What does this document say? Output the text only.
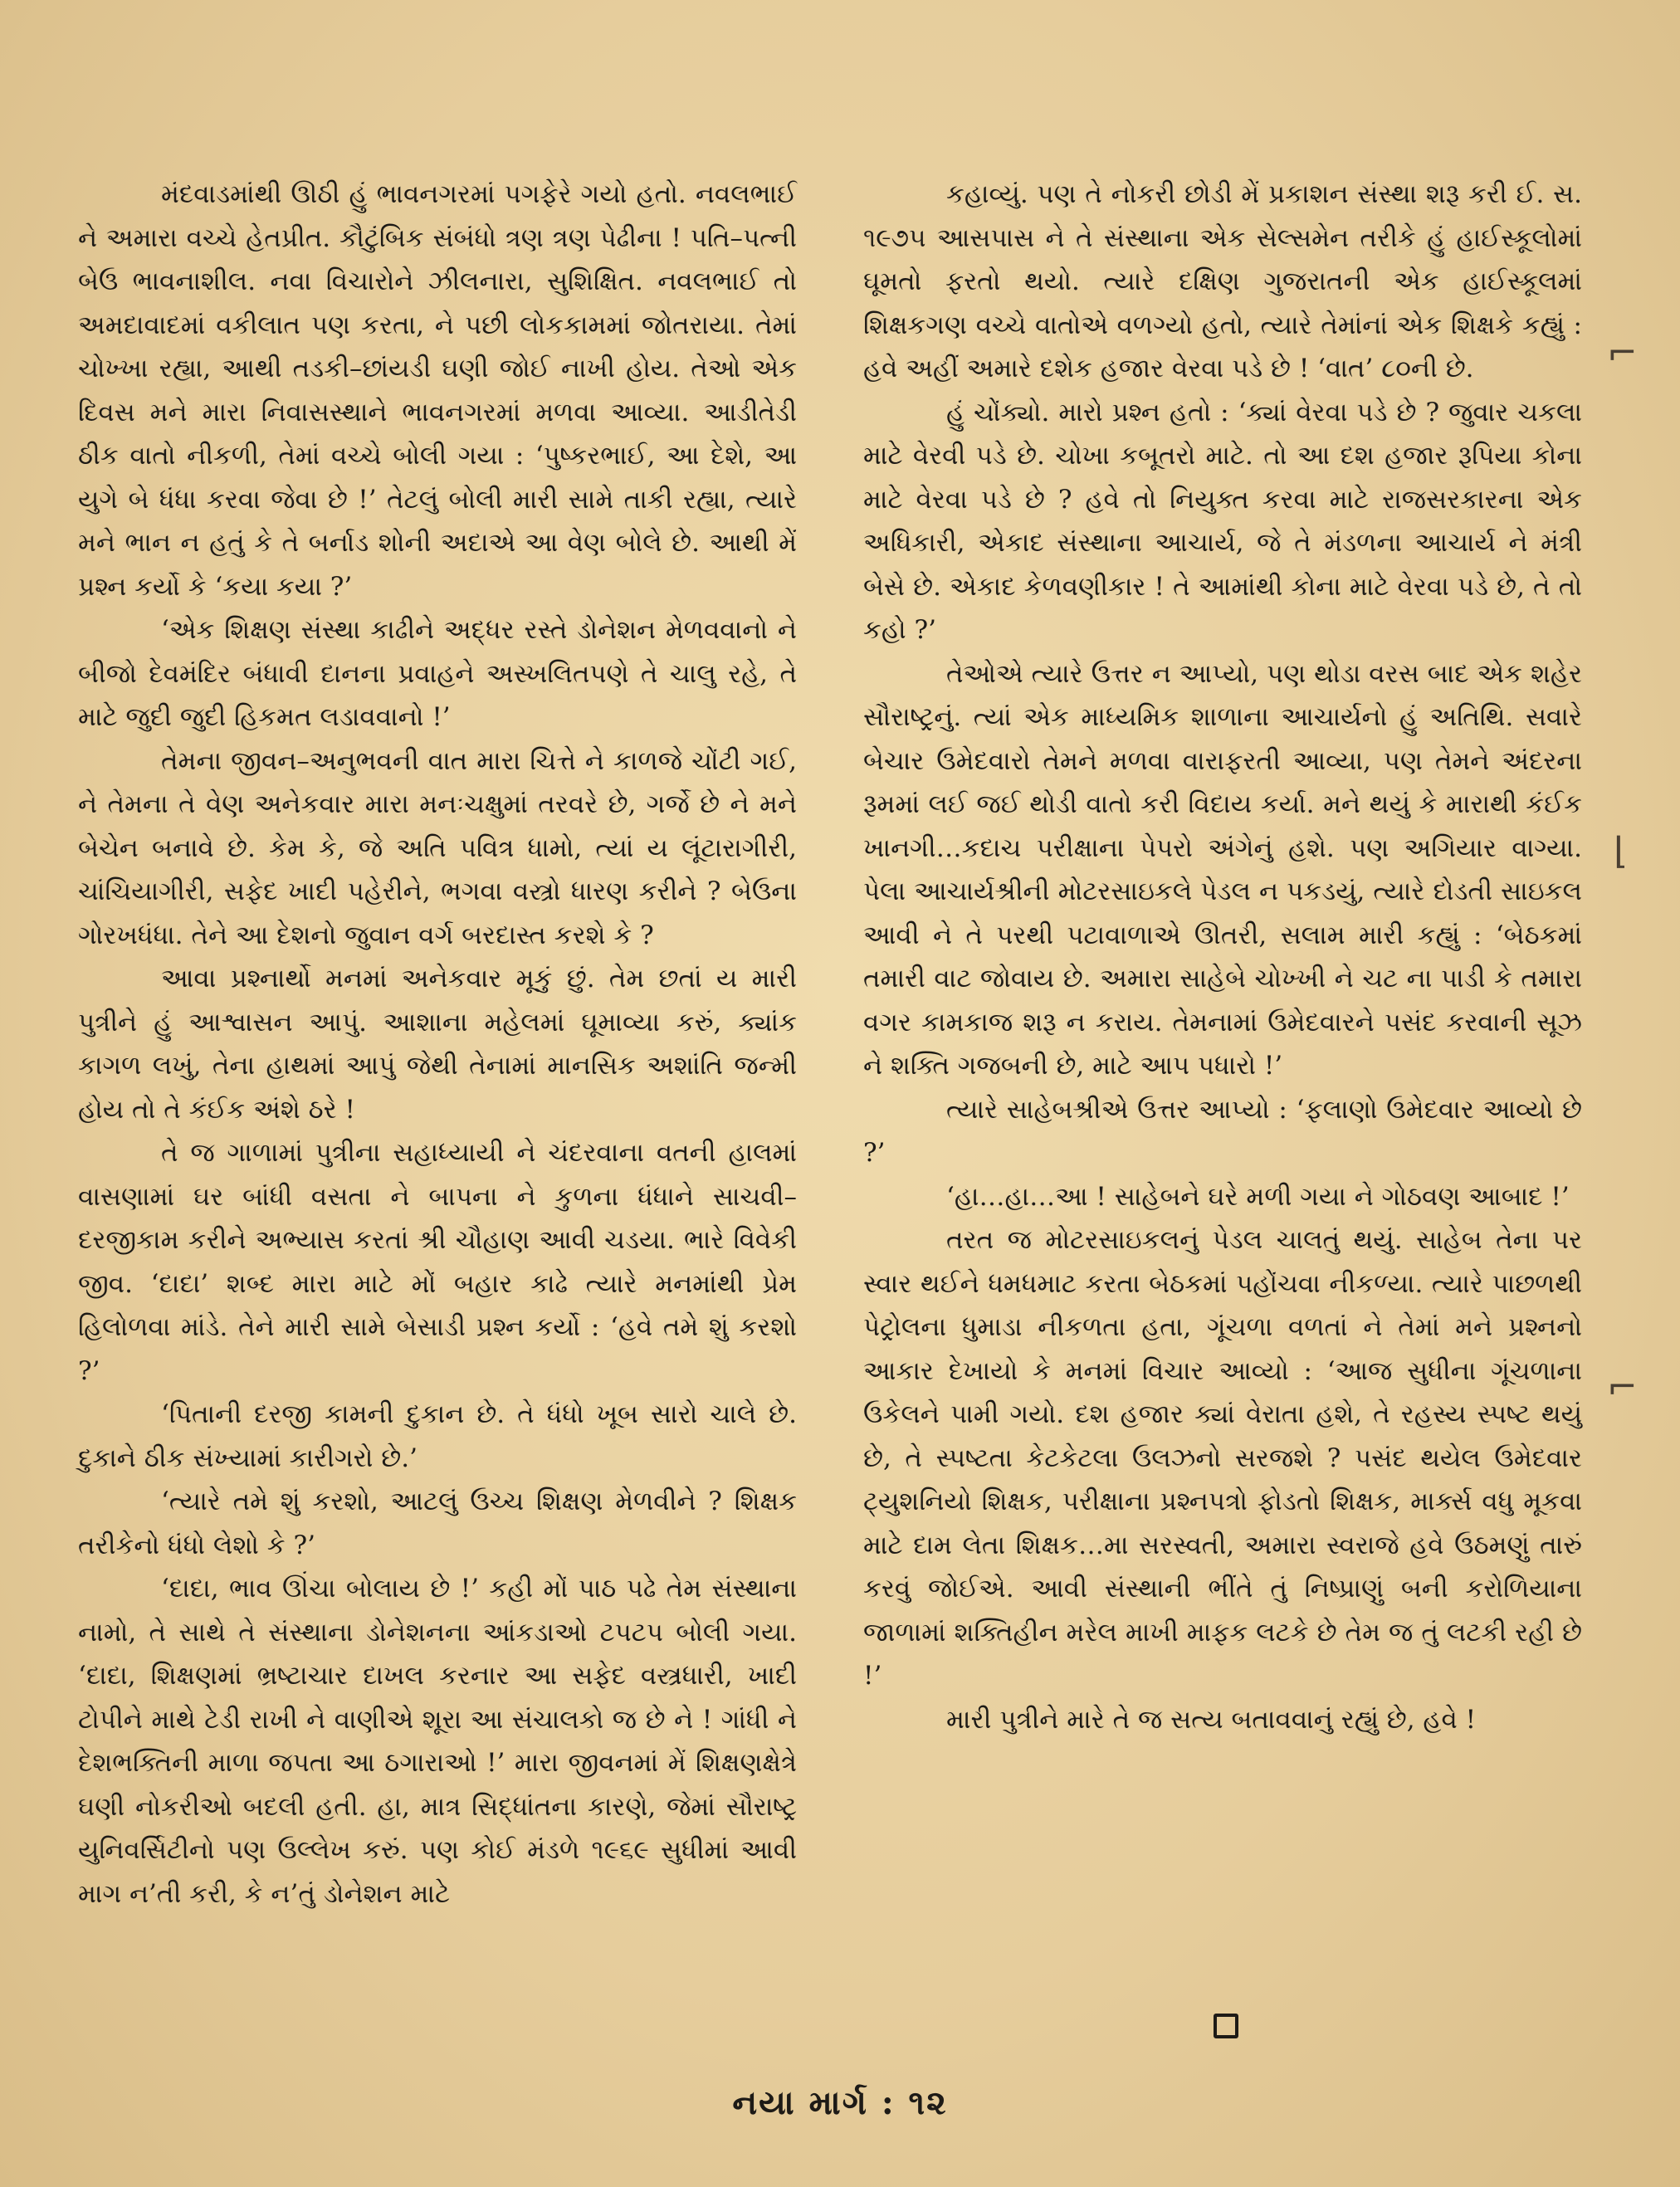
મંદવાડમાંથી ઊઠી હું ભાવનગરમાં પગફેરે ગયો હતો. નવલભાઈ ને અમારા વચ્ચે હેતપ્રીત. કૌટુંબિક સંબંધો ત્રણ ત્રણ પેઢીના ! પતિ–પત્ની બેઉ ભાવનાશીલ. નવા વિચારોને ઝીલનારા, સુશિક્ષિત. નવલભાઈ તો અમદાવાદમાં વકીલાત પણ કરતા, ને પછી લોકકામમાં જોતરાયા. તેમાં ચોખ્ખા રહ્યા, આથી તડકી–છાંયડી ઘણી જોઈ નાખી હોય. તેઓ એક દિવસ મને મારા નિવાસસ્થાને ભાવનગરમાં મળવા આવ્યા. આડીતેડી ઠીક વાતો નીકળી, તેમાં વચ્ચે બોલી ગયા : ‘પુષ્કરભાઈ, આ દેશે, આ યુગે બે ધંધા કરવા જેવા છે !’ તેટલું બોલી મારી સામે તાકી રહ્યા, ત્યારે મને ભાન ન હતું કે તે બર્નાડ શોની અદાએ આ વેણ બોલે છે. આથી મેં પ્રશ્ન કર્યો કે ‘કયા કયા ?’

‘એક શિક્ષણ સંસ્થા કાઢીને અદ્ધર રસ્તે ડોનેશન મેળવવાનો ને બીજો દેવમંદિર બંધાવી દાનના પ્રવાહને અસ્ખલિતપણે તે ચાલુ રહે, તે માટે જુદી જુદી હિકમત લડાવવાનો !’

તેમના જીવન–અનુભવની વાત મારા ચિત્તે ને કાળજે ચોંટી ગઈ, ને તેમના તે વેણ અનેકવાર મારા મનઃચક્ષુમાં તરવરે છે, ગર્જે છે ને મને બેચેન બનાવે છે. કેમ કે, જે અતિ પવિત્ર ધામો, ત્યાં ય લૂંટારાગીરી, ચાંચિયાગીરી, સફેદ ખાદી પહેરીને, ભગવા વસ્ત્રો ધારણ કરીને ? બેઉના ગોરખધંધા. તેને આ દેશનો જુવાન વર્ગ બરદાસ્ત કરશે કે ?

આવા પ્રશ્નાર્થો મનમાં અનેકવાર મૂકું છું. તેમ છતાં ય મારી પુત્રીને હું આશ્વાસન આપું. આશાના મહેલમાં ઘૂમાવ્યા કરું, ક્યાંક કાગળ લખું, તેના હાથમાં આપું જેથી તેનામાં માનસિક અશાંતિ જન્મી હોય તો તે કંઈક અંશે ઠરે !

તે જ ગાળામાં પુત્રીના સહાધ્યાયી ને ચંદરવાના વતની હાલમાં વાસણામાં ઘર બાંધી વસતા ને બાપના ને કુળના ધંધાને સાચવી–દરજીકામ કરીને અભ્યાસ કરતાં શ્રી ચૌહાણ આવી ચડયા. ભારે વિવેકી જીવ. ‘દાદા’ શબ્દ મારા માટે મોં બહાર કાઢે ત્યારે મનમાંથી પ્રેમ હિલોળવા માંડે. તેને મારી સામે બેસાડી પ્રશ્ન કર્યો : ‘હવે તમે શું કરશો ?’

‘પિતાની દરજી કામની દુકાન છે. તે ધંધો ખૂબ સારો ચાલે છે. દુકાને ઠીક સંખ્યામાં કારીગરો છે.’

‘ત્યારે તમે શું કરશો, આટલું ઉચ્ચ શિક્ષણ મેળવીને ? શિક્ષક તરીકેનો ધંધો લેશો કે ?’

‘દાદા, ભાવ ઊંચા બોલાય છે !’ કહી મોં પાઠ પઢે તેમ સંસ્થાના નામો, તે સાથે તે સંસ્થાના ડોનેશનના આંકડાઓ ટપટપ બોલી ગયા. ‘દાદા, શિક્ષણમાં ભ્રષ્ટાચાર દાખલ કરનાર આ સફેદ વસ્ત્રધારી, ખાદી ટોપીને માથે ટેડી રાખી ને વાણીએ શૂરા આ સંચાલકો જ છે ને ! ગાંધી ને દેશભક્તિની માળા જપતા આ ઠગારાઓ !’ મારા જીવનમાં મેં શિક્ષણક્ષેત્રે ઘણી નોકરીઓ બદલી હતી. હા, માત્ર સિદ્ધાંતના કારણે, જેમાં સૌરાષ્ટ્ર યુનિવર્સિટીનો પણ ઉલ્લેખ કરું. પણ કોઈ મંડળે ૧૯૬૯ સુધીમાં આવી માગ ન’તી કરી, કે ન’તું ડોનેશન માટે

કહાવ્યું. પણ તે નોકરી છોડી મેં પ્રકાશન સંસ્થા શરૂ કરી ઈ. સ. ૧૯૭૫ આસપાસ ને તે સંસ્થાના એક સેલ્સમેન તરીકે હું હાઈસ્કૂલોમાં ઘૂમતો ફરતો થયો. ત્યારે દક્ષિણ ગુજરાતની એક હાઈસ્કૂલમાં શિક્ષકગણ વચ્ચે વાતોએ વળગ્યો હતો, ત્યારે તેમાંનાં એક શિક્ષકે કહ્યું : હવે અહીં અમારે દશેક હજાર વેરવા પડે છે ! ‘વાત’ ૮૦ની છે.

હું ચોંક્યો. મારો પ્રશ્ન હતો : ‘ક્યાં વેરવા પડે છે ? જુવાર ચકલા માટે વેરવી પડે છે. ચોખા કબૂતરો માટે. તો આ દશ હજાર રૂપિયા કોના માટે વેરવા પડે છે ? હવે તો નિયુક્ત કરવા માટે રાજસરકારના એક અધિકારી, એકાદ સંસ્થાના આચાર્ય, જે તે મંડળના આચાર્ય ને મંત્રી બેસે છે. એકાદ કેળવણીકાર ! તે આમાંથી કોના માટે વેરવા પડે છે, તે તો કહો ?’

તેઓએ ત્યારે ઉત્તર ન આપ્યો, પણ થોડા વરસ બાદ એક શહેર સૌરાષ્ટ્રનું. ત્યાં એક માધ્યમિક શાળાના આચાર્યનો હું અતિથિ. સવારે બેચાર ઉમેદવારો તેમને મળવા વારાફરતી આવ્યા, પણ તેમને અંદરના રૂમમાં લઈ જઈ થોડી વાતો કરી વિદાય કર્યા. મને થયું કે મારાથી કંઈક ખાનગી…કદાચ પરીક્ષાના પેપરો અંગેનું હશે. પણ અગિયાર વાગ્યા. પેલા આચાર્યશ્રીની મોટરસાઇકલે પેડલ ન પકડયું, ત્યારે દોડતી સાઇકલ આવી ને તે પરથી પટાવાળાએ ઊતરી, સલામ મારી કહ્યું : ‘બેઠકમાં તમારી વાટ જોવાય છે. અમારા સાહેબે ચોખ્ખી ને ચટ ના પાડી કે તમારા વગર કામકાજ શરૂ ન કરાય. તેમનામાં ઉમેદવારને પસંદ કરવાની સૂઝ ને શક્તિ ગજબની છે, માટે આપ પધારો !’

ત્યારે સાહેબશ્રીએ ઉત્તર આપ્યો : ‘ફલાણો ઉમેદવાર આવ્યો છે ?’

‘હા…હા…આ ! સાહેબને ઘરે મળી ગયા ને ગોઠવણ આબાદ !’

તરત જ મોટરસાઇકલનું પેડલ ચાલતું થયું. સાહેબ તેના પર સ્વાર થઈને ધમધમાટ કરતા બેઠકમાં પહોંચવા નીકળ્યા. ત્યારે પાછળથી પેટ્રોલના ધુમાડા નીકળતા હતા, ગૂંચળા વળતાં ને તેમાં મને પ્રશ્નનો આકાર દેખાયો કે મનમાં વિચાર આવ્યો : ‘આજ સુધીના ગૂંચળાના ઉકેલને પામી ગયો. દશ હજાર ક્યાં વેરાતા હશે, તે રહસ્ય સ્પષ્ટ થયું છે, તે સ્પષ્ટતા કેટકેટલા ઉલઝનો સરજશે ? પસંદ થયેલ ઉમેદવાર ટ્યુશનિયો શિક્ષક, પરીક્ષાના પ્રશ્નપત્રો ફોડતો શિક્ષક, માર્ક્સ વધુ મૂકવા માટે દામ લેતા શિક્ષક…મા સરસ્વતી, અમારા સ્વરાજે હવે ઉઠમણું તારું કરવું જોઈએ. આવી સંસ્થાની ભીંતે તું નિષ્પ્રાણું બની કરોળિયાના જાળામાં શક્તિહીન મરેલ માખી માફક લટકે છે તેમ જ તું લટકી રહી છે !’

મારી પુત્રીને મારે તે જ સત્ય બતાવવાનું રહ્યું છે, હવે !

⌐
⌊
⌐
નયા માર્ગ : ૧૨
